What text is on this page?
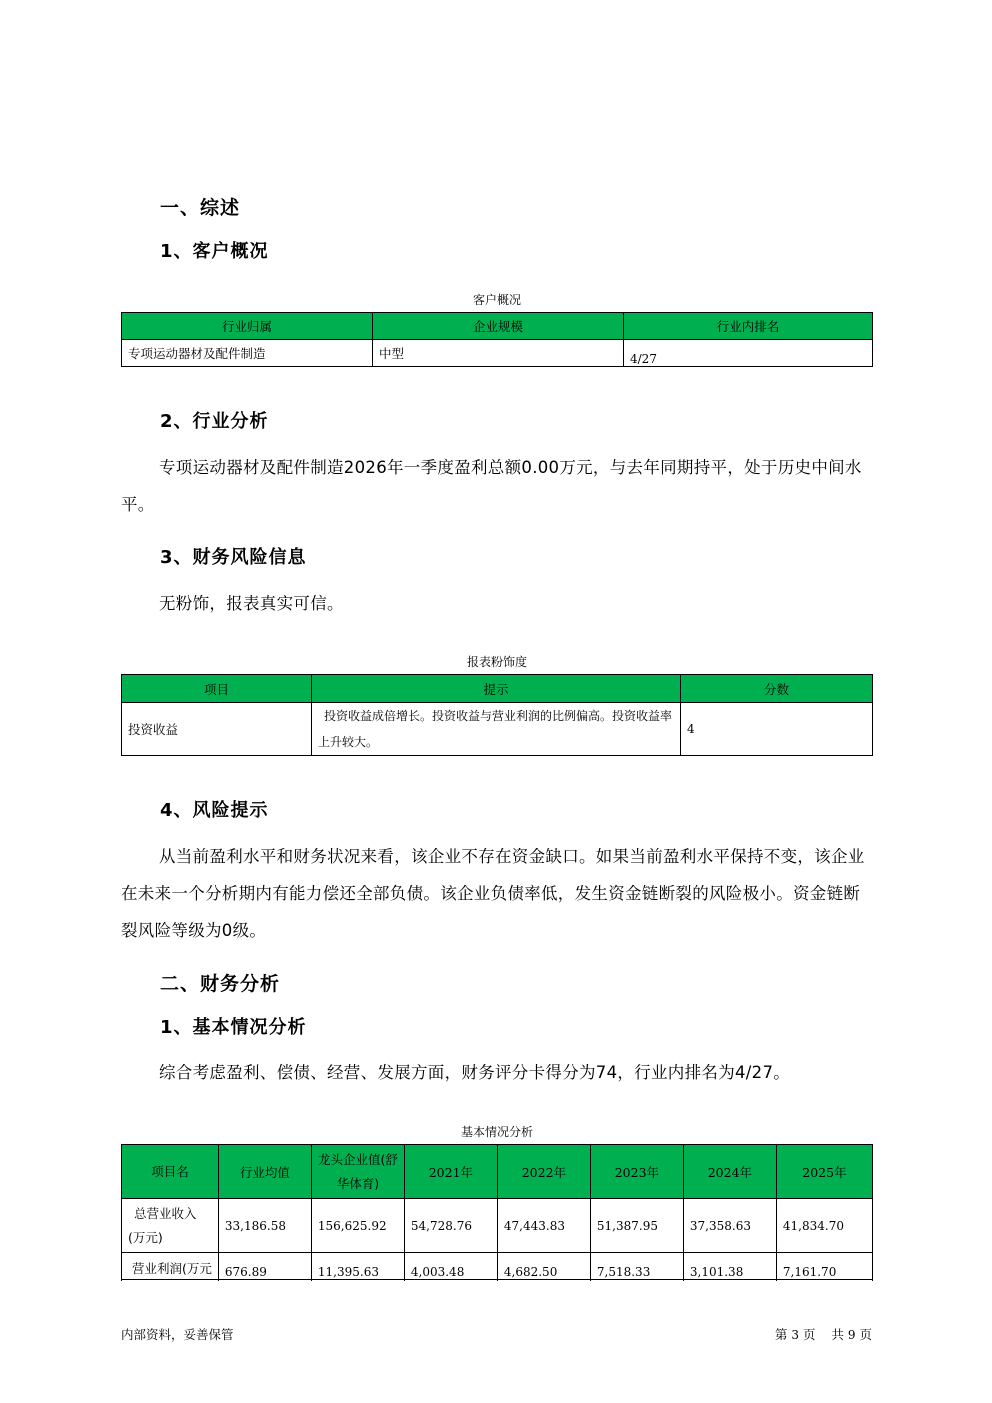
一、综述
1、客户概况
客户概况
行业归属	企业规模	行业内排名
专项运动器材及配件制造	中型	4/27
2、行业分析
专项运动器材及配件制造2026年一季度盈利总额0.00万元，与去年同期持平，处于历史中间水平。
3、财务风险信息
无粉饰，报表真实可信。
报表粉饰度
项目	提示	分数
投资收益	投资收益成倍增长。投资收益与营业利润的比例偏高。投资收益率上升较大。	4
4、风险提示
从当前盈利水平和财务状况来看，该企业不存在资金缺口。如果当前盈利水平保持不变，该企业在未来一个分析期内有能力偿还全部负债。该企业负债率低，发生资金链断裂的风险极小。资金链断裂风险等级为0级。
二、财务分析
1、基本情况分析
综合考虑盈利、偿债、经营、发展方面，财务评分卡得分为74，行业内排名为4/27。
基本情况分析
项目名	行业均值	龙头企业值(舒华体育)	2021年	2022年	2023年	2024年	2025年
总营业收入(万元)	33,186.58	156,625.92	54,728.76	47,443.83	51,387.95	37,358.63	41,834.70
营业利润(万元	676.89	11,395.63	4,003.48	4,682.50	7,518.33	3,101.38	7,161.70
内部资料，妥善保管	第 3 页    共 9 页
